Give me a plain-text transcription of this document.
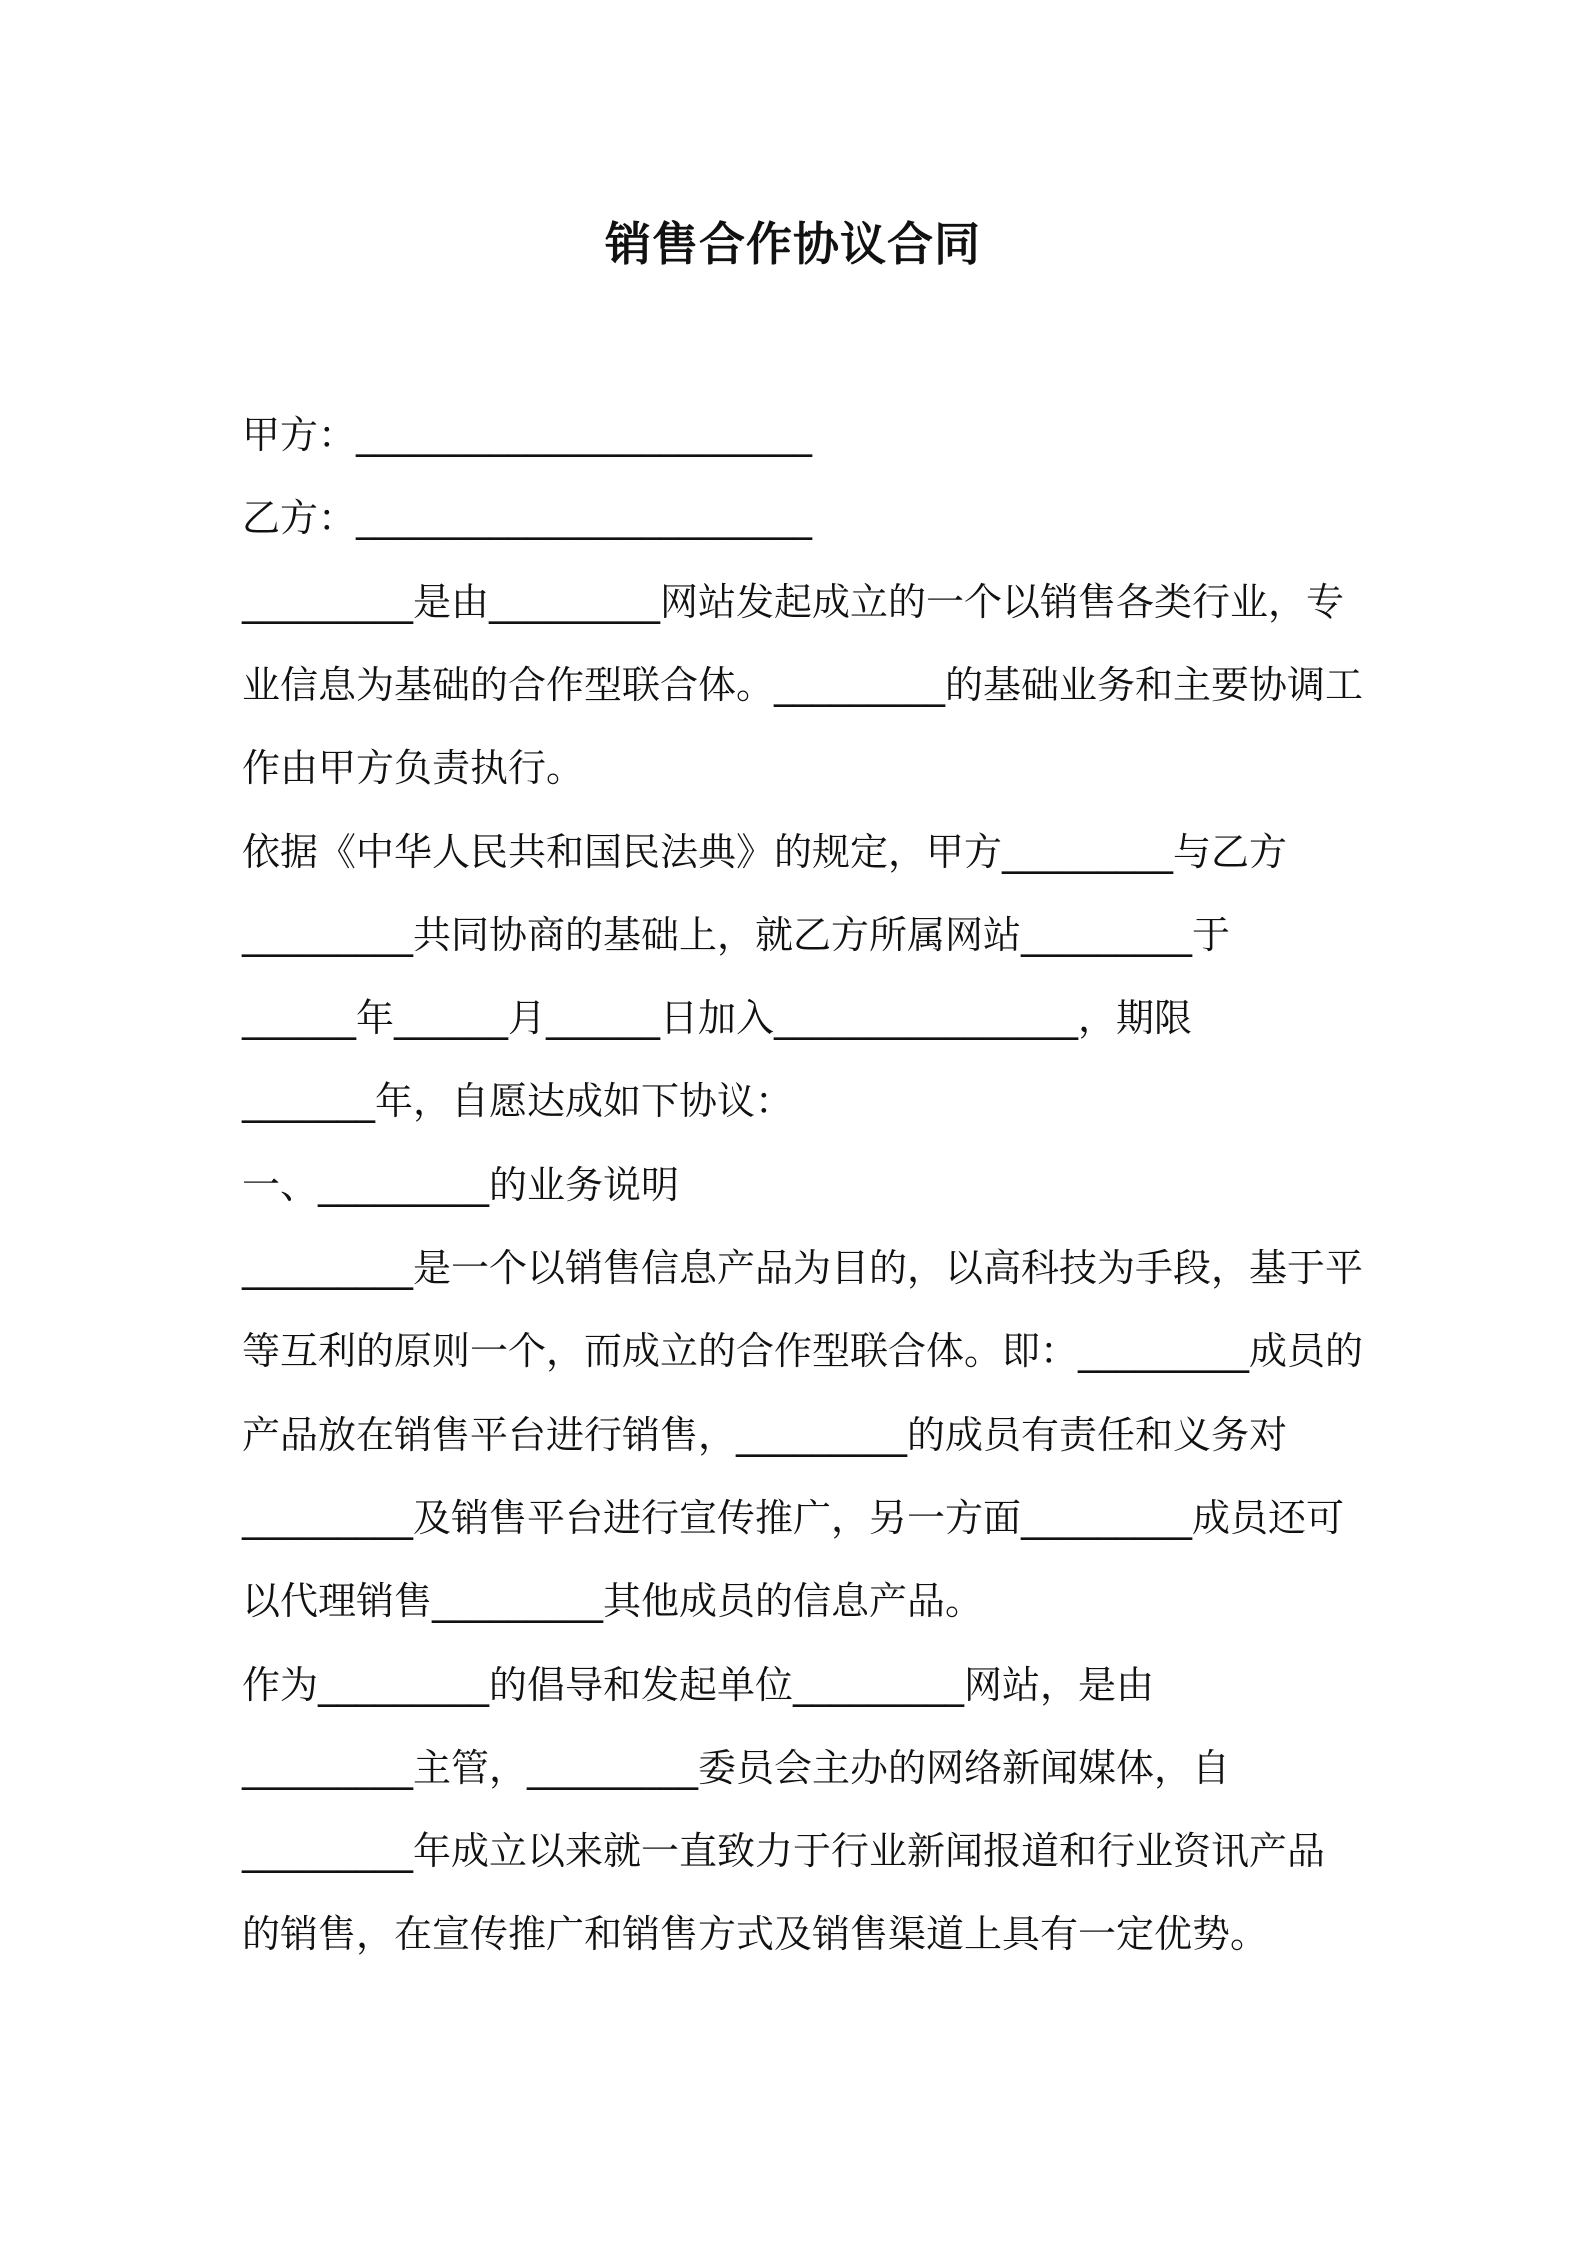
销售合作协议合同
甲方：________________________
乙方：________________________
_________是由_________网站发起成立的一个以销售各类行业，专
业信息为基础的合作型联合体。_________的基础业务和主要协调工
作由甲方负责执行。
依据《中华人民共和国民法典》的规定，甲方_________与乙方
_________共同协商的基础上，就乙方所属网站_________于
______年______月______日加入________________，期限
_______年，自愿达成如下协议：
一、_________的业务说明
_________是一个以销售信息产品为目的，以高科技为手段，基于平
等互利的原则一个，而成立的合作型联合体。即：_________成员的
产品放在销售平台进行销售，_________的成员有责任和义务对
_________及销售平台进行宣传推广，另一方面_________成员还可
以代理销售_________其他成员的信息产品。
作为_________的倡导和发起单位_________网站，是由
_________主管，_________委员会主办的网络新闻媒体，自
_________年成立以来就一直致力于行业新闻报道和行业资讯产品
的销售，在宣传推广和销售方式及销售渠道上具有一定优势。
